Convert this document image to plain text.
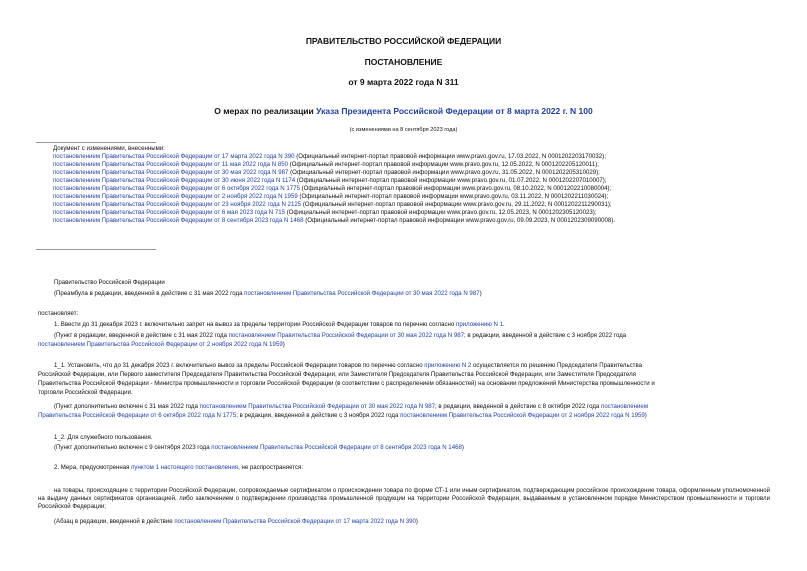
ПРАВИТЕЛЬСТВО РОССИЙСКОЙ ФЕДЕРАЦИИ
ПОСТАНОВЛЕНИЕ
от 9 марта 2022 года N 311
О мерах по реализации Указа Президента Российской Федерации от 8 марта 2022 г. N 100
(с изменениями на 8 сентября 2023 года)
Документ с изменениями, внесенными:
постановлением Правительства Российской Федерации от 17 марта 2022 года N 390 (Официальный интернет-портал правовой информации www.pravo.gov.ru, 17.03.2022, N 0001202203170032);
постановлением Правительства Российской Федерации от 11 мая 2022 года N 850 (Официальный интернет-портал правовой информации www.pravo.gov.ru, 12.05.2022, N 0001202205120011);
постановлением Правительства Российской Федерации от 30 мая 2022 года N 987 (Официальный интернет-портал правовой информации www.pravo.gov.ru, 31.05.2022, N 0001202205310029);
постановлением Правительства Российской Федерации от 30 июня 2022 года N 1174 (Официальный интернет-портал правовой информации www.pravo.gov.ru, 01.07.2022, N 0001202207010007);
постановлением Правительства Российской Федерации от 6 октября 2022 года N 1775 (Официальный интернет-портал правовой информации www.pravo.gov.ru, 08.10.2022, N 0001202210080004);
постановлением Правительства Российской Федерации от 2 ноября 2022 года N 1959 (Официальный интернет-портал правовой информации www.pravo.gov.ru, 03.11.2022, N 0001202211030024);
постановлением Правительства Российской Федерации от 23 ноября 2022 года N 2125 (Официальный интернет-портал правовой информации www.pravo.gov.ru, 29.11.2022, N 0001202211290031);
постановлением Правительства Российской Федерации от 6 мая 2023 года N 715 (Официальный интернет-портал правовой информации www.pravo.gov.ru, 12.05.2023, N 0001202305120023);
постановлением Правительства Российской Федерации от 8 сентября 2023 года N 1468 (Официальный интернет-портал правовой информации www.pravo.gov.ru, 09.09.2023, N 0001202309090008).
Правительство Российской Федерации
(Преамбула в редакции, введенной в действие с 31 мая 2022 года постановлением Правительства Российской Федерации от 30 мая 2022 года N 987)
постановляет:
1. Ввести до 31 декабря 2023 г. включительно запрет на вывоз за пределы территории Российской Федерации товаров по перечню согласно приложению N 1.
(Пункт в редакции, введенной в действие с 31 мая 2022 года постановлением Правительства Российской Федерации от 30 мая 2022 года N 987; в редакции, введенной в действие с 3 ноября 2022 года
постановлением Правительства Российской Федерации от 2 ноября 2022 года N 1959)
1_1. Установить, что до 31 декабря 2023 г. включительно вывоз за пределы Российской Федерации товаров по перечню согласно приложению N 2 осуществляется по решению Председателя Правительства
Российской Федерации, или Первого заместителя Председателя Правительства Российской Федерации, или Заместителя Председателя Правительства Российской Федерации, или Заместителя Председателя
Правительства Российской Федерации - Министра промышленности и торговли Российской Федерации (в соответствии с распределением обязанностей) на основании предложений Министерства промышленности и
торговли Российской Федерации.
(Пункт дополнительно включен с 31 мая 2022 года постановлением Правительства Российской Федерации от 30 мая 2022 года N 987; в редакции, введенной в действие с 8 октября 2022 года постановлением
Правительства Российской Федерации от 6 октября 2022 года N 1775; в редакции, введенной в действие с 3 ноября 2022 года постановлением Правительства Российской Федерации от 2 ноября 2022 года N 1959)
1_2. Для служебного пользования.
(Пункт дополнительно включен с 9 сентября 2023 года постановлением Правительства Российской Федерации от 8 сентября 2023 года N 1468)
2. Мера, предусмотренная пунктом 1 настоящего постановления, не распространяется:
на товары, происходящие с территории Российской Федерации, сопровождаемые сертификатом о происхождении товара по форме СТ-1 или иным сертификатом, подтверждающим российское происхождение товара, оформленным уполномоченной на выдачу данных сертификатов организацией, либо заключением о подтверждении производства промышленной продукции на территории Российской Федерации, выдаваемым в установленном порядке Министерством промышленности и торговли Российской Федерации;
(Абзац в редакции, введенной в действие постановлением Правительства Российской Федерации от 17 марта 2022 года N 390)
